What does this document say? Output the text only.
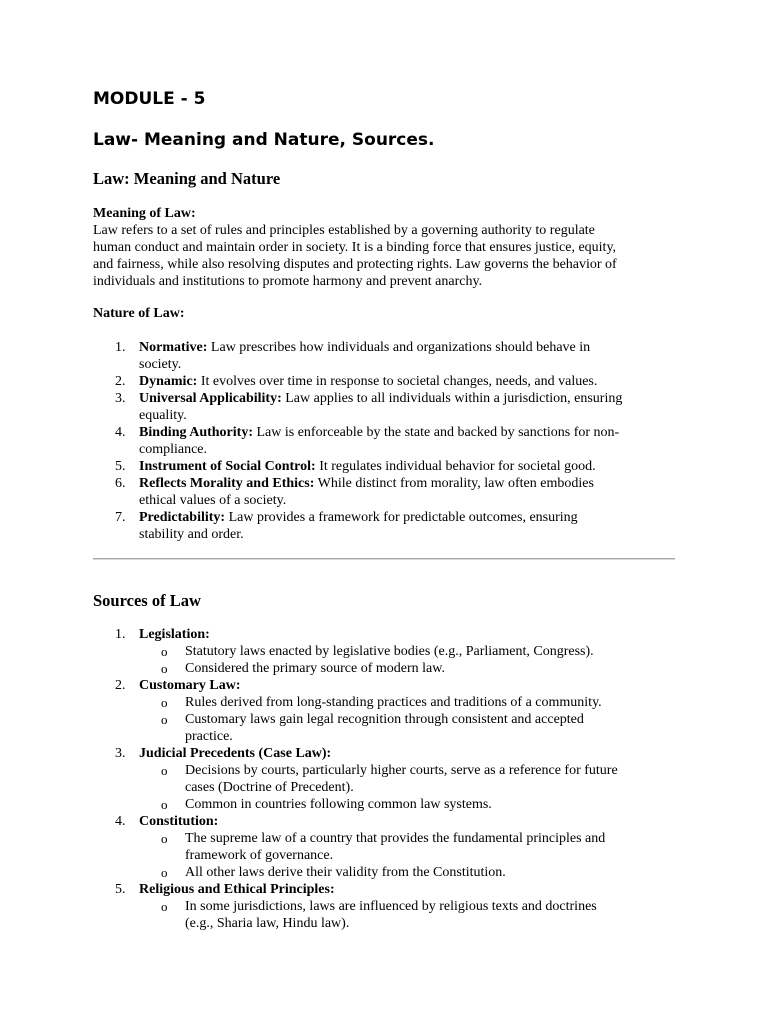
MODULE - 5
Law- Meaning and Nature, Sources.
Law: Meaning and Nature
Meaning of Law:

Law refers to a set of rules and principles established by a governing authority to regulate
human conduct and maintain order in society. It is a binding force that ensures justice, equity,
and fairness, while also resolving disputes and protecting rights. Law governs the behavior of
individuals and institutions to promote harmony and prevent anarchy.

Nature of Law:
1. Normative: Law prescribes how individuals and organizations should behave in
society.
2. Dynamic: It evolves over time in response to societal changes, needs, and values.
3. Universal Applicability: Law applies to all individuals within a jurisdiction, ensuring
equality.
4. Binding Authority: Law is enforceable by the state and backed by sanctions for non-
compliance.
5. Instrument of Social Control: It regulates individual behavior for societal good.
6. Reflects Morality and Ethics: While distinct from morality, law often embodies
ethical values of a society.
7. Predictability: Law provides a framework for predictable outcomes, ensuring
stability and order.
Sources of Law
1. Legislation:
o Statutory laws enacted by legislative bodies (e.g., Parliament, Congress).
o Considered the primary source of modern law.
2. Customary Law:
o Rules derived from long-standing practices and traditions of a community.
o Customary laws gain legal recognition through consistent and accepted
practice.
3. Judicial Precedents (Case Law):
o Decisions by courts, particularly higher courts, serve as a reference for future
cases (Doctrine of Precedent).
o Common in countries following common law systems.
4. Constitution:
o The supreme law of a country that provides the fundamental principles and
framework of governance.
o All other laws derive their validity from the Constitution.
5. Religious and Ethical Principles:
o In some jurisdictions, laws are influenced by religious texts and doctrines
(e.g., Sharia law, Hindu law).
